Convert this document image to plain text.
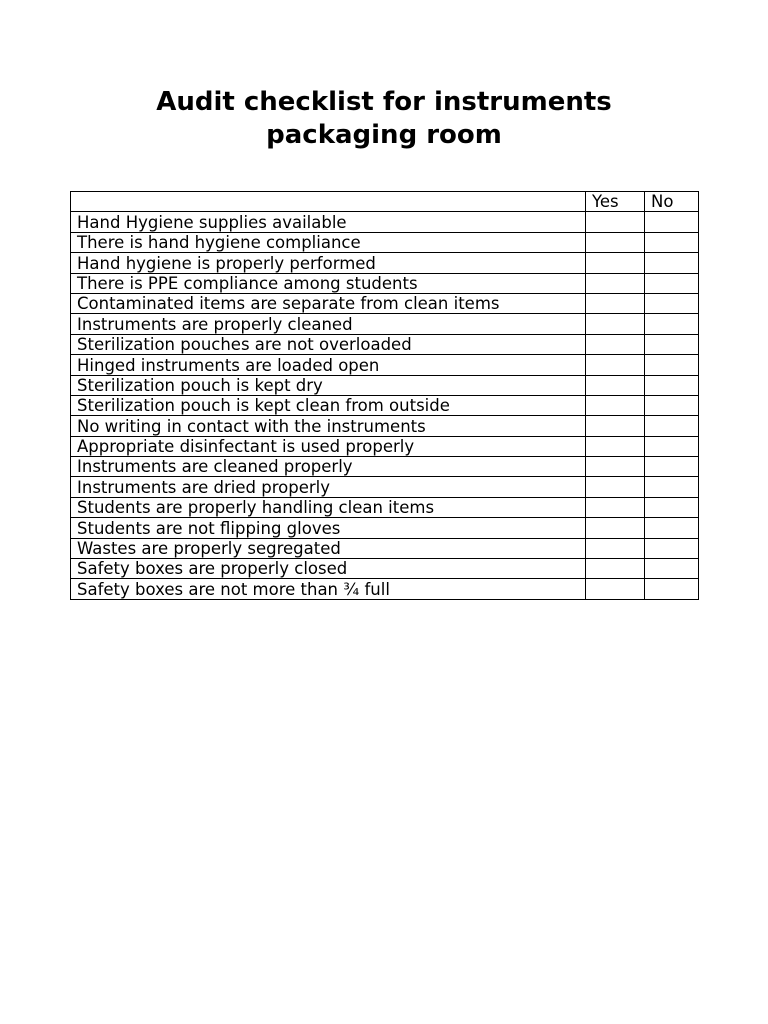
Audit checklist for instruments
packaging room
	Yes	No
Hand Hygiene supplies available		
There is hand hygiene compliance		
Hand hygiene is properly performed		
There is PPE compliance among students		
Contaminated items are separate from clean items		
Instruments are properly cleaned		
Sterilization pouches are not overloaded		
Hinged instruments are loaded open		
Sterilization pouch is kept dry		
Sterilization pouch is kept clean from outside		
No writing in contact with the instruments		
Appropriate disinfectant is used properly		
Instruments are cleaned properly		
Instruments are dried properly		
Students are properly handling clean items		
Students are not flipping gloves		
Wastes are properly segregated		
Safety boxes are properly closed		
Safety boxes are not more than ¾ full		
